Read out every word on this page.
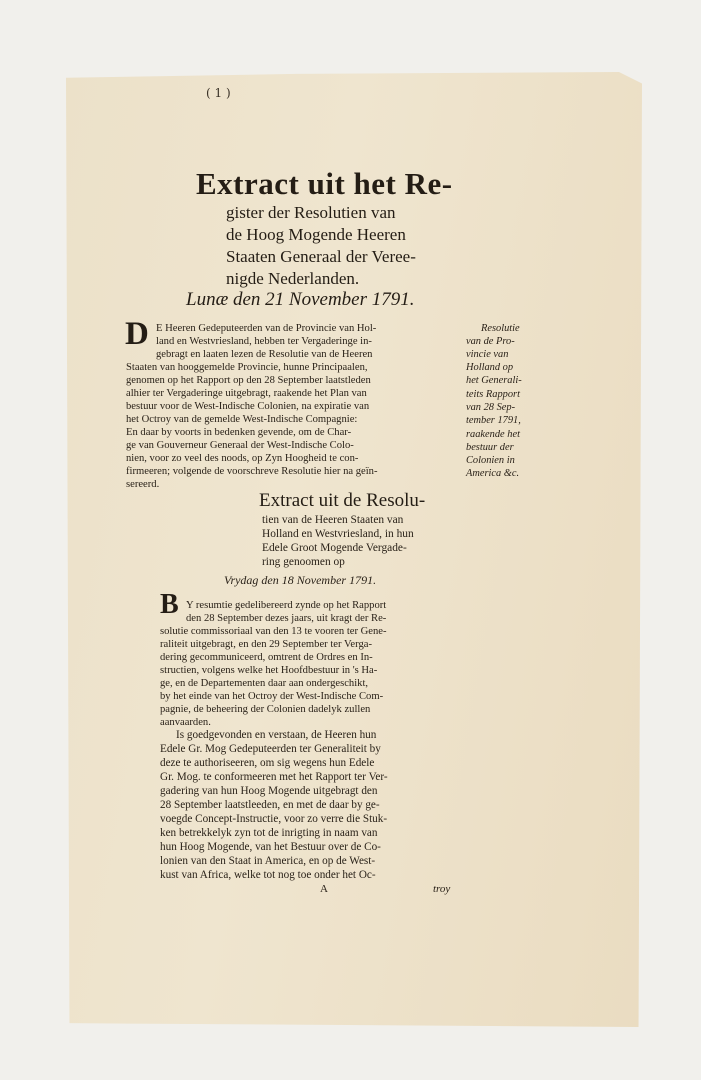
( 1 )

Extract uit het Re-

gister der Resolutien van

de Hoog Mogende Heeren

Staaten Generaal der Veree-

nigde Nederlanden.

Lunæ den 21 November 1791.

D E Heeren Gedeputeerden van de Provincie van Hol-

land en Westvriesland, hebben ter Vergaderinge in-

gebragt en laaten lezen de Resolutie van de Heeren

Staaten van hooggemelde Provincie, hunne Principaalen,

genomen op het Rapport op den 28 September laatstleden

alhier ter Vergaderinge uitgebragt, raakende het Plan van

bestuur voor de West-Indische Colonien, na expiratie van

het Octroy van de gemelde West-Indische Compagnie:

En daar by voorts in bedenken gevende, om de Char-

ge van Gouverneur Generaal der West-Indische Colo-

nien, voor zo veel des noods, op Zyn Hoogheid te con-

firmeeren; volgende de voorschreve Resolutie hier na geïn-

sereerd.

Resolutie

van de Pro-

vincie van

Holland op

het Generali-

teits Rapport

van 28 Sep-

tember 1791,

raakende het

bestuur der

Colonien in

America &c.

Extract uit de Resolu-

tien van de Heeren Staaten van

Holland en Westvriesland, in hun

Edele Groot Mogende Vergade-

ring genoomen op

Vrydag den 18 November 1791.

B Y resumtie gedelibereerd zynde op het Rapport

den 28 September dezes jaars, uit kragt der Re-

solutie commissoriaal van den 13 te vooren ter Gene-

raliteit uitgebragt, en den 29 September ter Verga-

dering gecommuniceerd, omtrent de Ordres en In-

structien, volgens welke het Hoofdbestuur in 's Ha-

ge, en de Departementen daar aan ondergeschikt,

by het einde van het Octroy der West-Indische Com-

pagnie, de beheering der Colonien dadelyk zullen

aanvaarden.

Is goedgevonden en verstaan, de Heeren hun

Edele Gr. Mog Gedeputeerden ter Generaliteit by

deze te authoriseeren, om sig wegens hun Edele

Gr. Mog. te conformeeren met het Rapport ter Ver-

gadering van hun Hoog Mogende uitgebragt den

28 September laatstleeden, en met de daar by ge-

voegde Concept-Instructie, voor zo verre die Stuk-

ken betrekkelyk zyn tot de inrigting in naam van

hun Hoog Mogende, van het Bestuur over de Co-

lonien van den Staat in America, en op de West-

kust van Africa, welke tot nog toe onder het Oc-

A	troy
